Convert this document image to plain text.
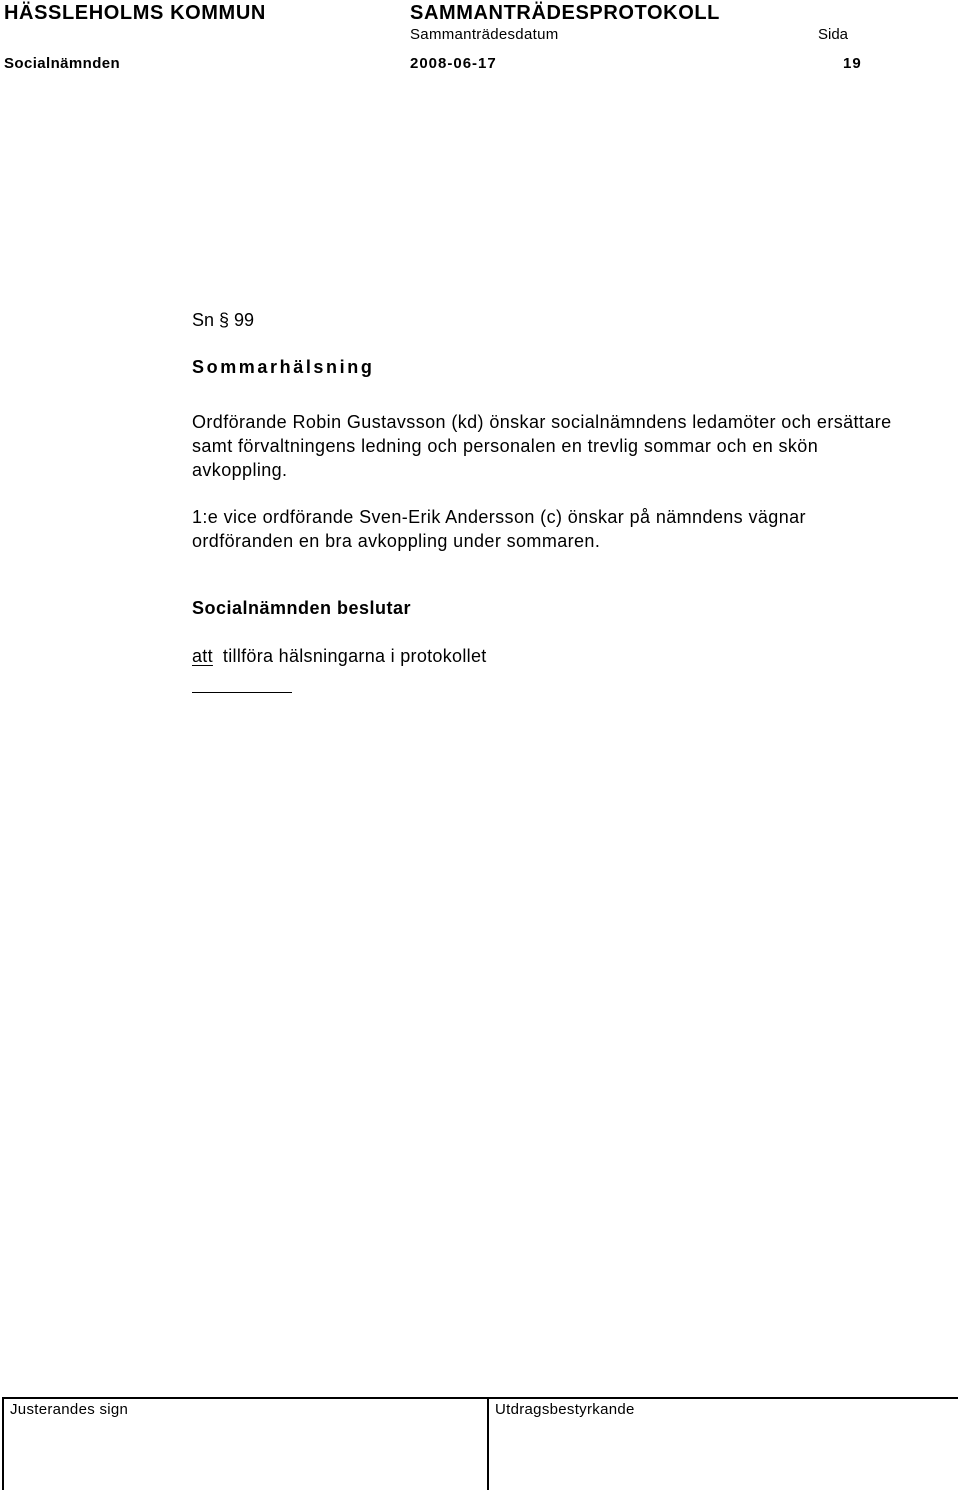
HÄSSLEHOLMS KOMMUN	SAMMANTRÄDESPROTOKOLL
Sammanträdesdatum	Sida
Socialnämnden	2008-06-17	19
Sn § 99
Sommarhälsning

Ordförande Robin Gustavsson (kd) önskar socialnämndens ledamöter och ersättare samt förvaltningens ledning och personalen en trevlig sommar och en skön avkoppling.

1:e vice ordförande Sven-Erik Andersson (c) önskar på nämndens vägnar ordföranden en bra avkoppling under sommaren.

Socialnämnden beslutar
att tillföra hälsningarna i protokollet
Justerandes sign	Utdragsbestyrkande
